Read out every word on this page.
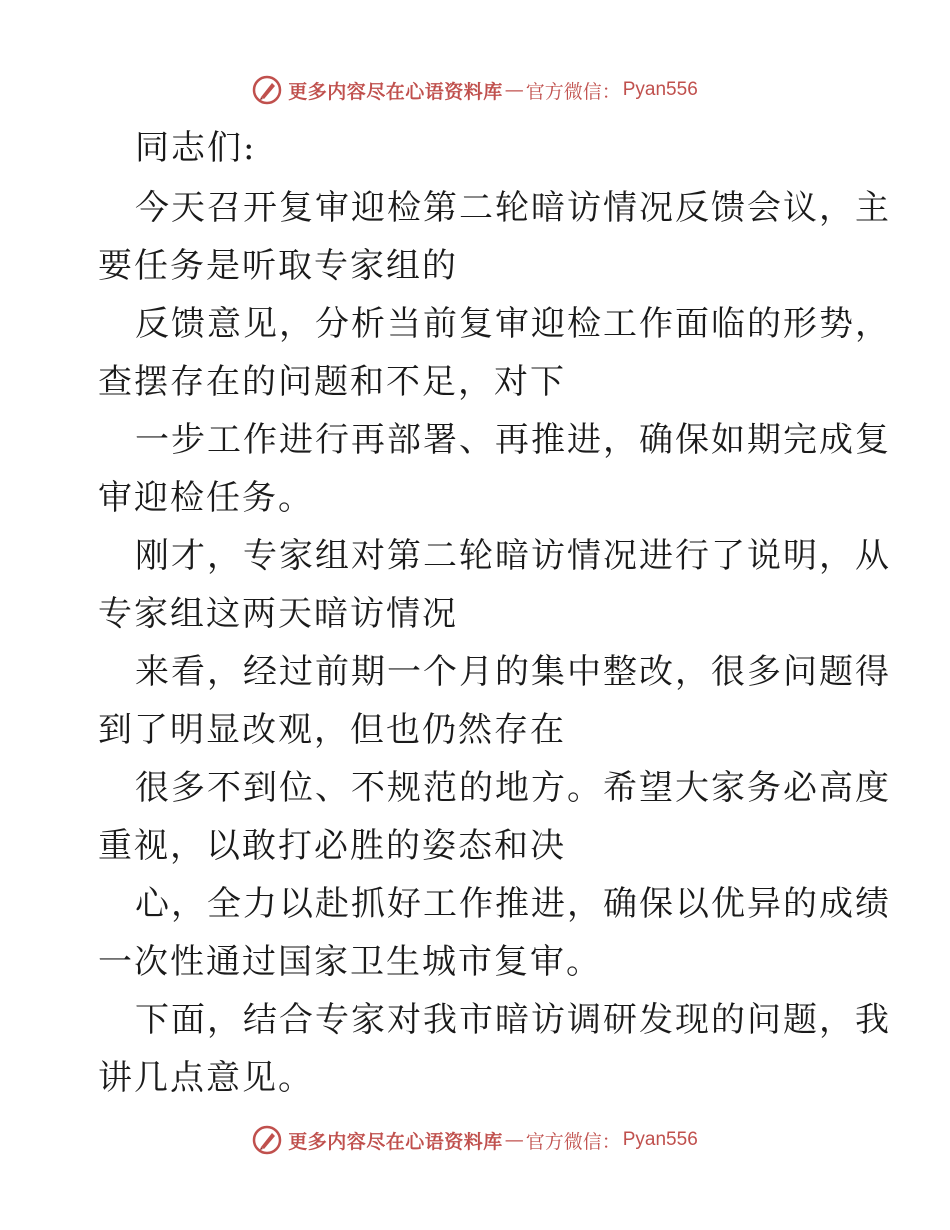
更多内容尽在心语资料库 — 官方微信： Pyan556
同志们:
今天召开复审迎检第二轮暗访情况反馈会议，主
要任务是听取专家组的
反馈意见，分析当前复审迎检工作面临的形势，
查摆存在的问题和不足，对下
一步工作进行再部署、再推进，确保如期完成复
审迎检任务。
刚才，专家组对第二轮暗访情况进行了说明，从
专家组这两天暗访情况
来看，经过前期一个月的集中整改，很多问题得
到了明显改观，但也仍然存在
很多不到位、不规范的地方。希望大家务必高度
重视，以敢打必胜的姿态和决
心，全力以赴抓好工作推进，确保以优异的成绩
一次性通过国家卫生城市复审。
下面，结合专家对我市暗访调研发现的问题，我
讲几点意见。
更多内容尽在心语资料库 — 官方微信： Pyan556
